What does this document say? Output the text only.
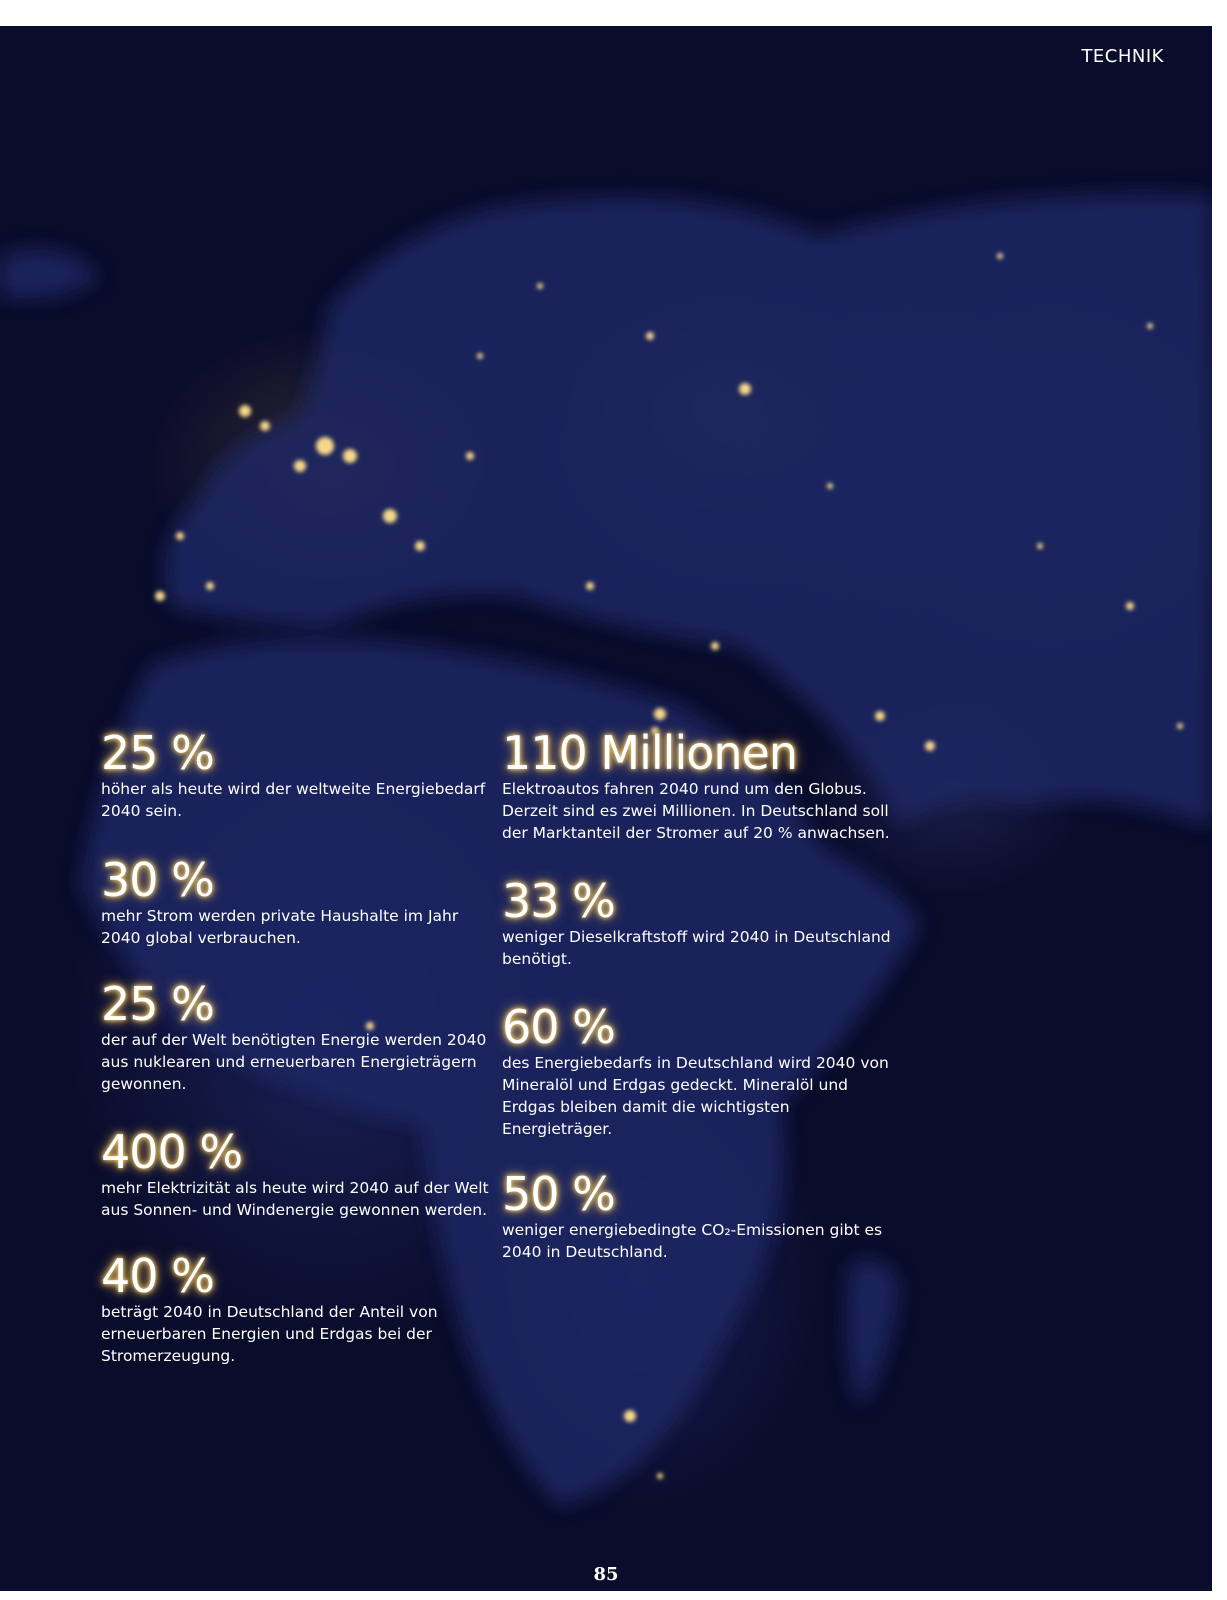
TECHNIK
25 %
höher als heute wird der weltweite Energiebedarf 2040 sein.
30 %
mehr Strom werden private Haushalte im Jahr 2040 global verbrauchen.
25 %
der auf der Welt benötigten Energie werden 2040 aus nuklearen und erneuerbaren Energieträgern gewonnen.
400 %
mehr Elektrizität als heute wird 2040 auf der Welt aus Sonnen- und Windenergie gewonnen werden.
40 %
beträgt 2040 in Deutschland der Anteil von erneuerbaren Energien und Erdgas bei der Stromerzeugung.
110 Millionen
Elektroautos fahren 2040 rund um den Globus. Derzeit sind es zwei Millionen. In Deutschland soll der Marktanteil der Stromer auf 20 % anwachsen.
33 %
weniger Dieselkraftstoff wird 2040 in Deutschland benötigt.
60 %
des Energiebedarfs in Deutschland wird 2040 von Mineralöl und Erdgas gedeckt. Mineralöl und Erdgas bleiben damit die wichtigsten Energieträger.
50 %
weniger energiebedingte CO₂-Emissionen gibt es 2040 in Deutschland.
85
